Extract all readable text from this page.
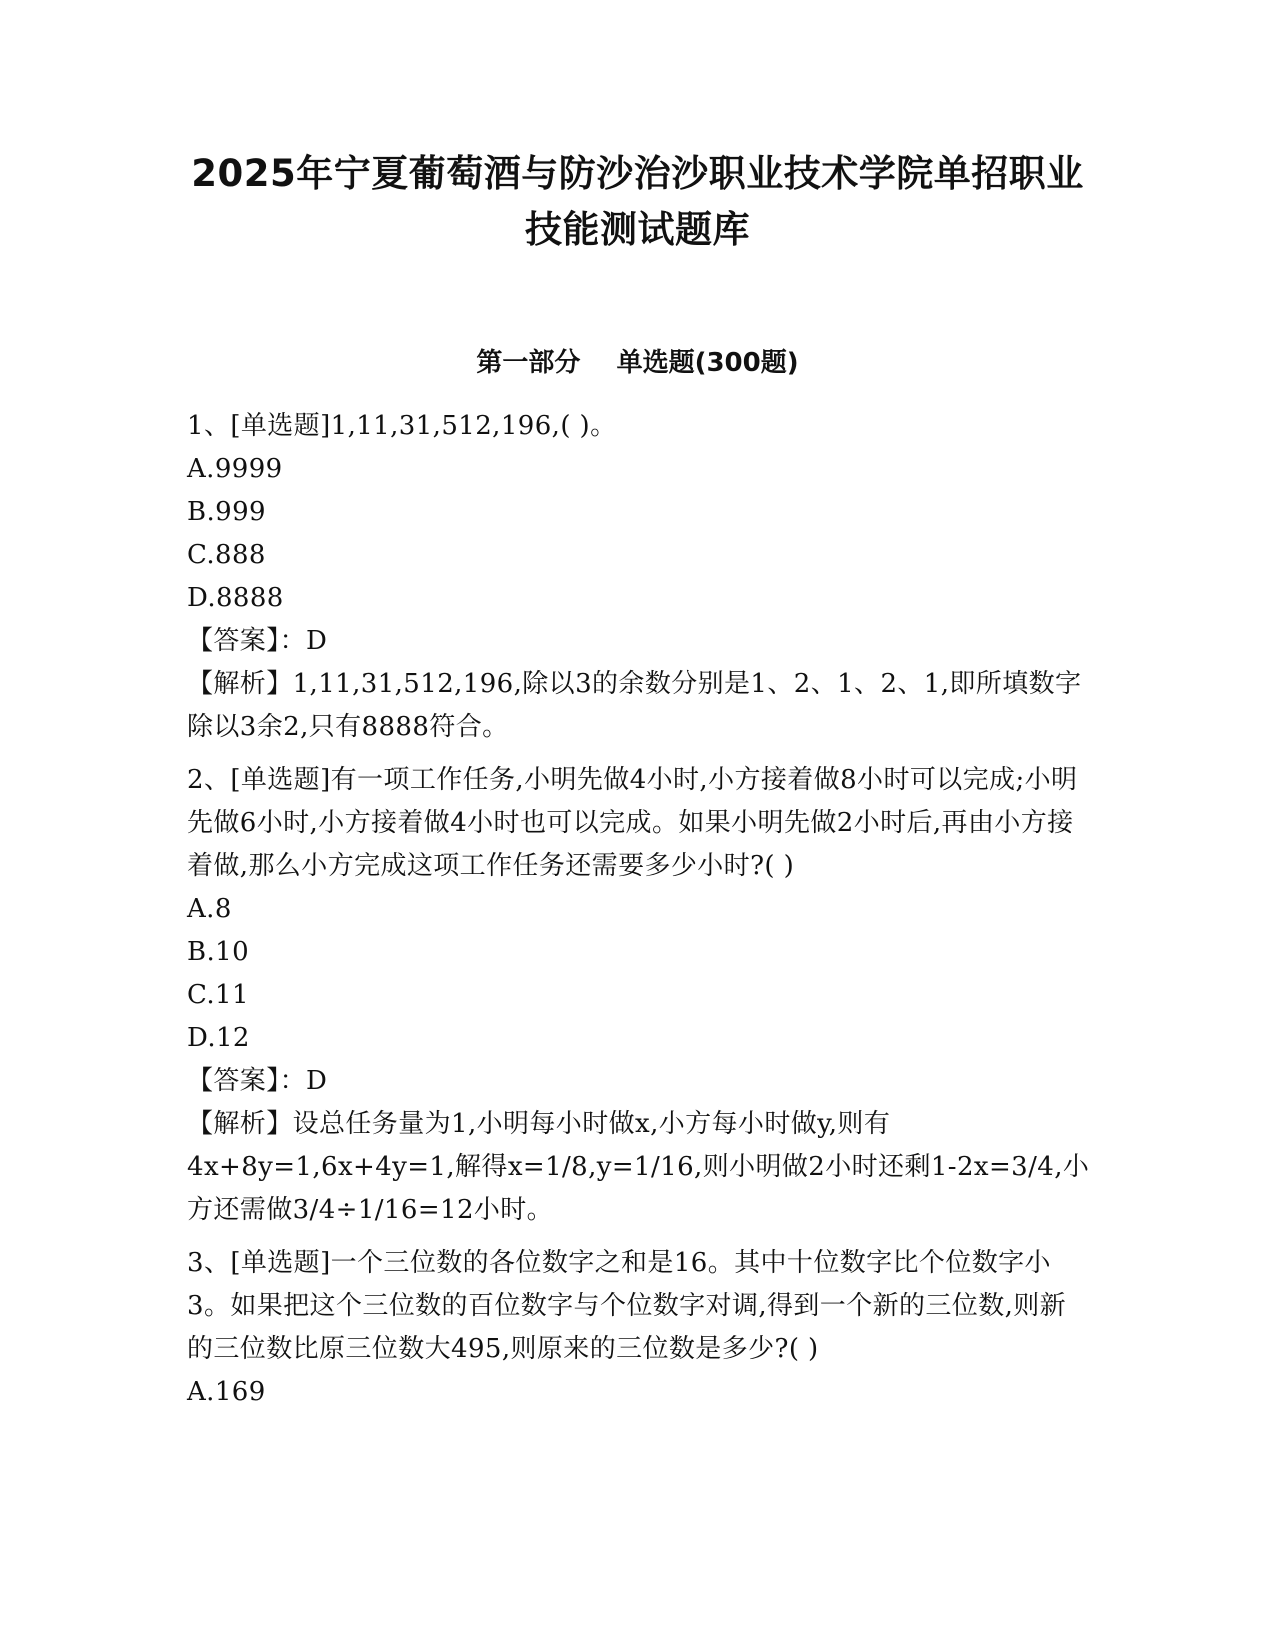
2025年宁夏葡萄酒与防沙治沙职业技术学院单招职业
技能测试题库
第一部分    单选题(300题)

1、[单选题]1,11,31,512,196,( )。

A.9999

B.999

C.888

D.8888

【答案】：D

【解析】1,11,31,512,196,除以3的余数分别是1、2、1、2、1,即所填数字除以3余2,只有8888符合。

2、[单选题]有一项工作任务,小明先做4小时,小方接着做8小时可以完成;小明先做6小时,小方接着做4小时也可以完成。如果小明先做2小时后,再由小方接着做,那么小方完成这项工作任务还需要多少小时?( )

A.8

B.10

C.11

D.12

【答案】：D

【解析】设总任务量为1,小明每小时做x,小方每小时做y,则有4x+8y=1,6x+4y=1,解得x=1/8,y=1/16,则小明做2小时还剩1-2x=3/4,小方还需做3/4÷1/16=12小时。

3、[单选题]一个三位数的各位数字之和是16。其中十位数字比个位数字小3。如果把这个三位数的百位数字与个位数字对调,得到一个新的三位数,则新的三位数比原三位数大495,则原来的三位数是多少?( )

A.169
